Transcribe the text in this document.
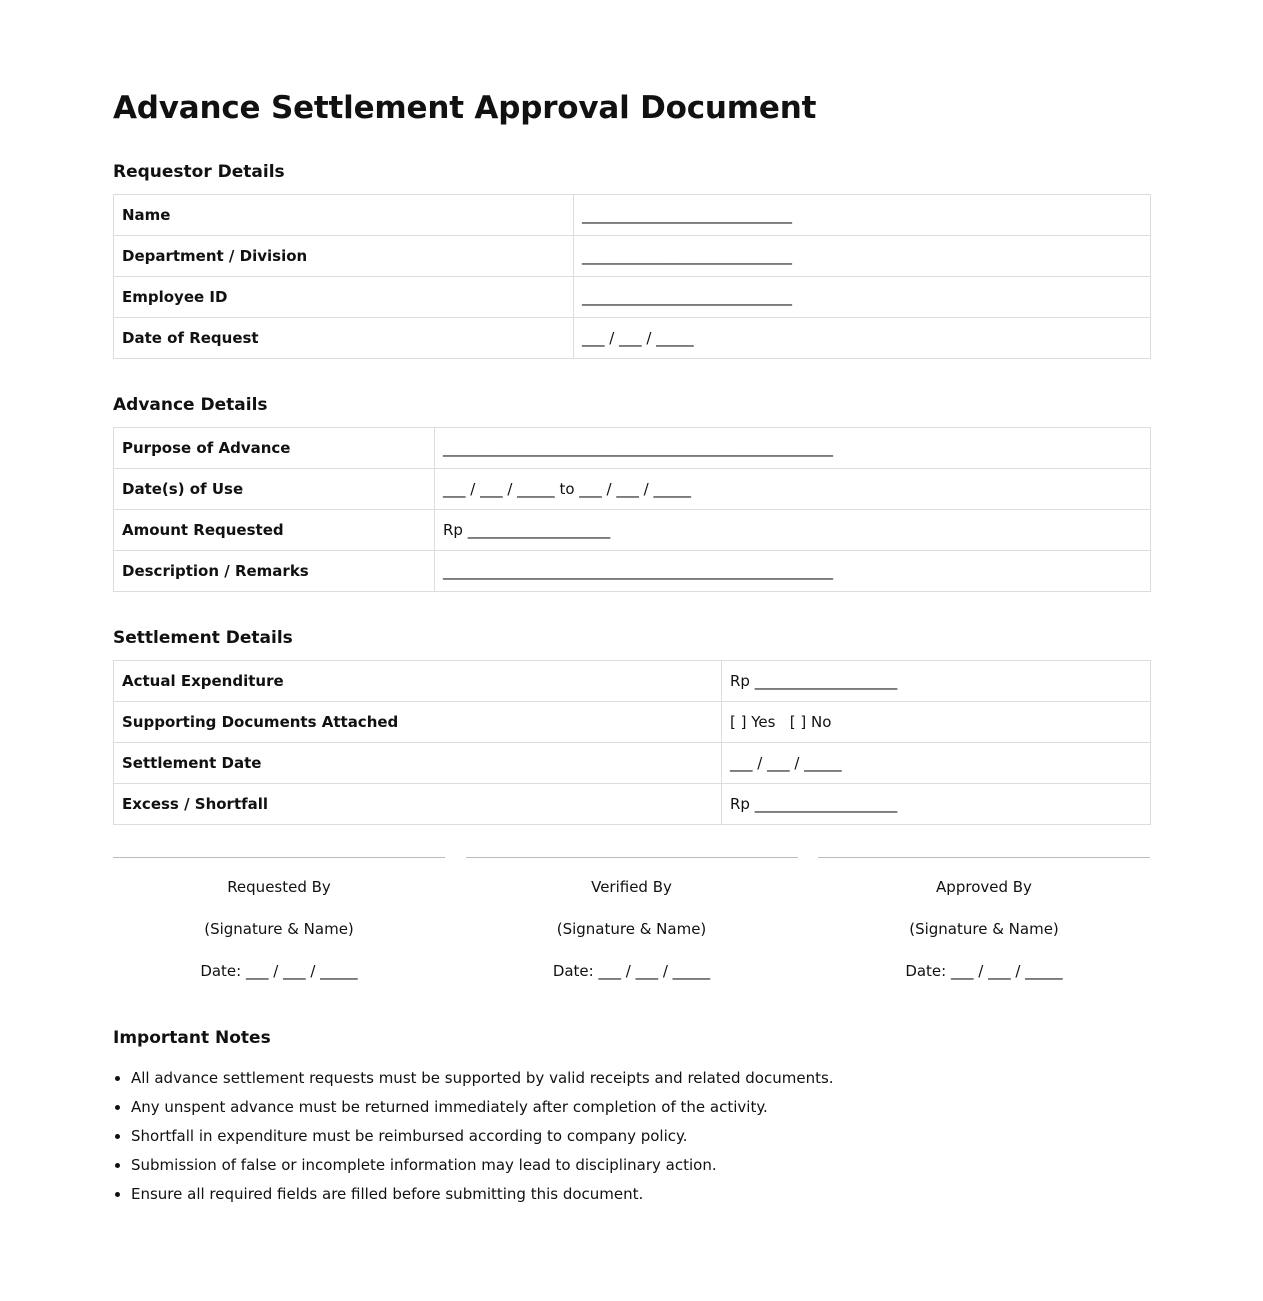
Advance Settlement Approval Document
Requestor Details
Name	____________________________
Department / Division	____________________________
Employee ID	____________________________
Date of Request	___ / ___ / _____
Advance Details
Purpose of Advance	____________________________________________________
Date(s) of Use	___ / ___ / _____ to ___ / ___ / _____
Amount Requested	Rp ___________________
Description / Remarks	____________________________________________________
Settlement Details
Actual Expenditure	Rp ___________________
Supporting Documents Attached	[ ] Yes   [ ] No
Settlement Date	___ / ___ / _____
Excess / Shortfall	Rp ___________________

Requested By

(Signature & Name)

Date: ___ / ___ / _____

Verified By

(Signature & Name)

Date: ___ / ___ / _____

Approved By

(Signature & Name)

Date: ___ / ___ / _____

Important Notes
• All advance settlement requests must be supported by valid receipts and related documents.
• Any unspent advance must be returned immediately after completion of the activity.
• Shortfall in expenditure must be reimbursed according to company policy.
• Submission of false or incomplete information may lead to disciplinary action.
• Ensure all required fields are filled before submitting this document.
